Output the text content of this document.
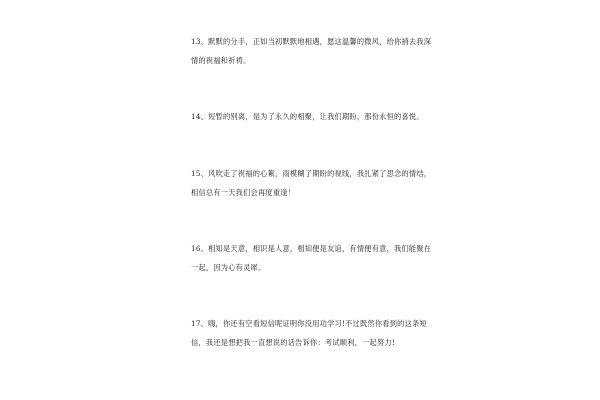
13、默默的分手，正如当初默默地相遇，愿这温馨的微风，给你捎去我深
情的祝福和祈祷。
14、短暂的别离，是为了永久的相聚，让我们期盼，那份永恒的喜悦。
15、风吹走了祝福的心絮，雨模糊了期盼的视线，我扎紧了思念的情结，
相信总有一天我们会再度重逢！
16、相知是天意，相识是人意，相知便是友谊，有情便有意，我们能聚在
一起，因为心有灵犀。
17、嗨，你还有空看短信呢证明你没用功学习!不过既然你看到的这条短
信，我还是想把我一直想说的话告诉你：考试顺利，一起努力!
